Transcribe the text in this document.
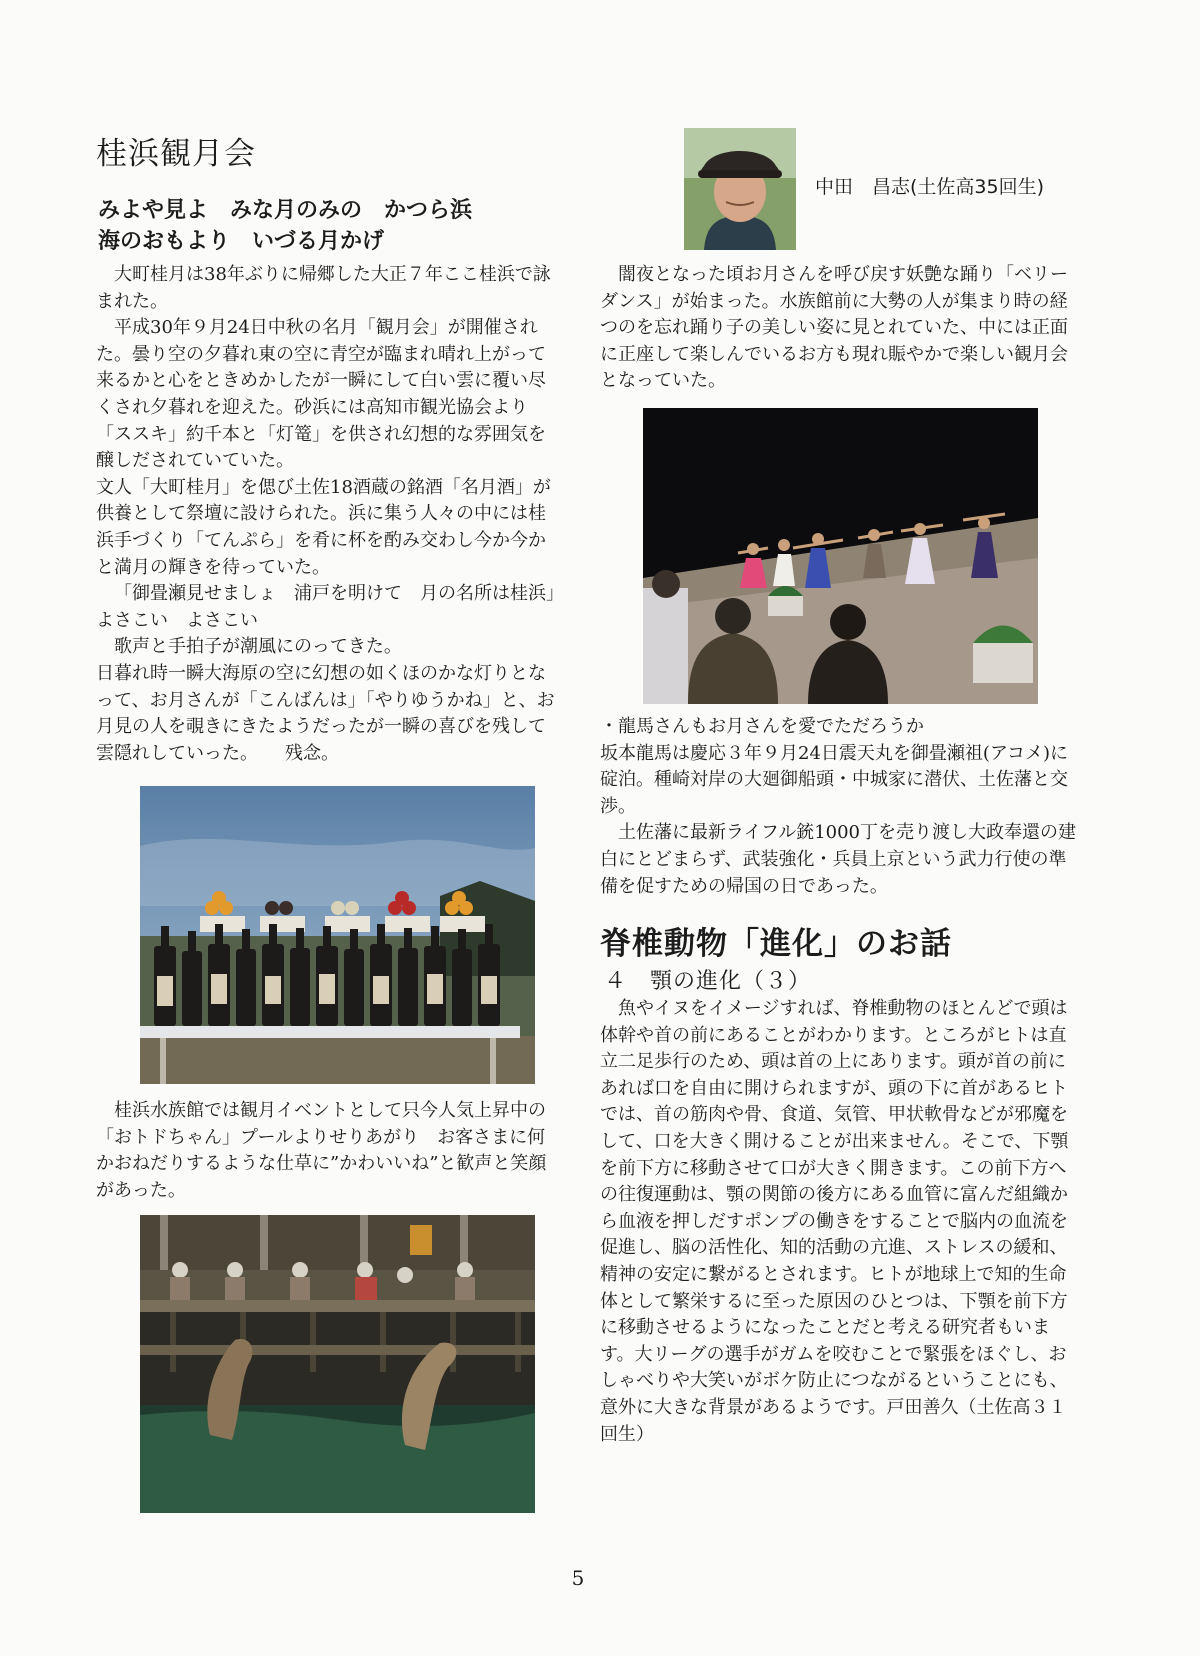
桂浜観月会
みよや見よ　みな月のみの　かつら浜
海のおもより　いづる月かげ
大町桂月は38年ぶりに帰郷した大正７年ここ桂浜で詠まれた。
平成30年９月24日中秋の名月「観月会」が開催された。曇り空の夕暮れ東の空に青空が臨まれ晴れ上がって来るかと心をときめかしたが一瞬にして白い雲に覆い尽くされ夕暮れを迎えた。砂浜には高知市観光協会より「ススキ」約千本と「灯篭」を供され幻想的な雰囲気を醸しだされていていた。
文人「大町桂月」を偲び土佐18酒蔵の銘酒「名月酒」が供養として祭壇に設けられた。浜に集う人々の中には桂浜手づくり「てんぷら」を肴に杯を酌み交わし今か今かと満月の輝きを待っていた。
「御畳瀬見せましょ　浦戸を明けて　月の名所は桂浜」よさこい　よさこい
歌声と手拍子が潮風にのってきた。
日暮れ時一瞬大海原の空に幻想の如くほのかな灯りとなって、お月さんが「こんばんは」「やりゆうかね」と、お月見の人を覗きにきたようだったが一瞬の喜びを残して雲隠れしていった。　　残念。
桂浜水族館では観月イベントとして只今人気上昇中の「おトドちゃん」プールよりせりあがり　お客さまに何かおねだりするような仕草に”かわいいね”と歓声と笑顔があった。
中田　昌志(土佐高35回生)
闇夜となった頃お月さんを呼び戻す妖艶な踊り「ベリーダンス」が始まった。水族館前に大勢の人が集まり時の経つのを忘れ踊り子の美しい姿に見とれていた、中には正面に正座して楽しんでいるお方も現れ賑やかで楽しい観月会となっていた。
・龍馬さんもお月さんを愛でただろうか
坂本龍馬は慶応３年９月24日震天丸を御畳瀬祖(アコメ)に碇泊。種崎対岸の大廻御船頭・中城家に潜伏、土佐藩と交渉。
土佐藩に最新ライフル銃1000丁を売り渡し大政奉還の建白にとどまらず、武装強化・兵員上京という武力行使の準備を促すための帰国の日であった。
脊椎動物「進化」のお話
４　顎の進化（３）
魚やイヌをイメージすれば、脊椎動物のほとんどで頭は体幹や首の前にあることがわかります。ところがヒトは直立二足歩行のため、頭は首の上にあります。頭が首の前にあれば口を自由に開けられますが、頭の下に首があるヒトでは、首の筋肉や骨、食道、気管、甲状軟骨などが邪魔をして、口を大きく開けることが出来ません。そこで、下顎を前下方に移動させて口が大きく開きます。この前下方への往復運動は、顎の関節の後方にある血管に富んだ組織から血液を押しだすポンプの働きをすることで脳内の血流を促進し、脳の活性化、知的活動の亢進、ストレスの緩和、精神の安定に繋がるとされます。ヒトが地球上で知的生命体として繁栄するに至った原因のひとつは、下顎を前下方に移動させるようになったことだと考える研究者もいます。大リーグの選手がガムを咬むことで緊張をほぐし、おしゃべりや大笑いがボケ防止につながるということにも、意外に大きな背景があるようです。戸田善久（土佐高３１回生）
5
